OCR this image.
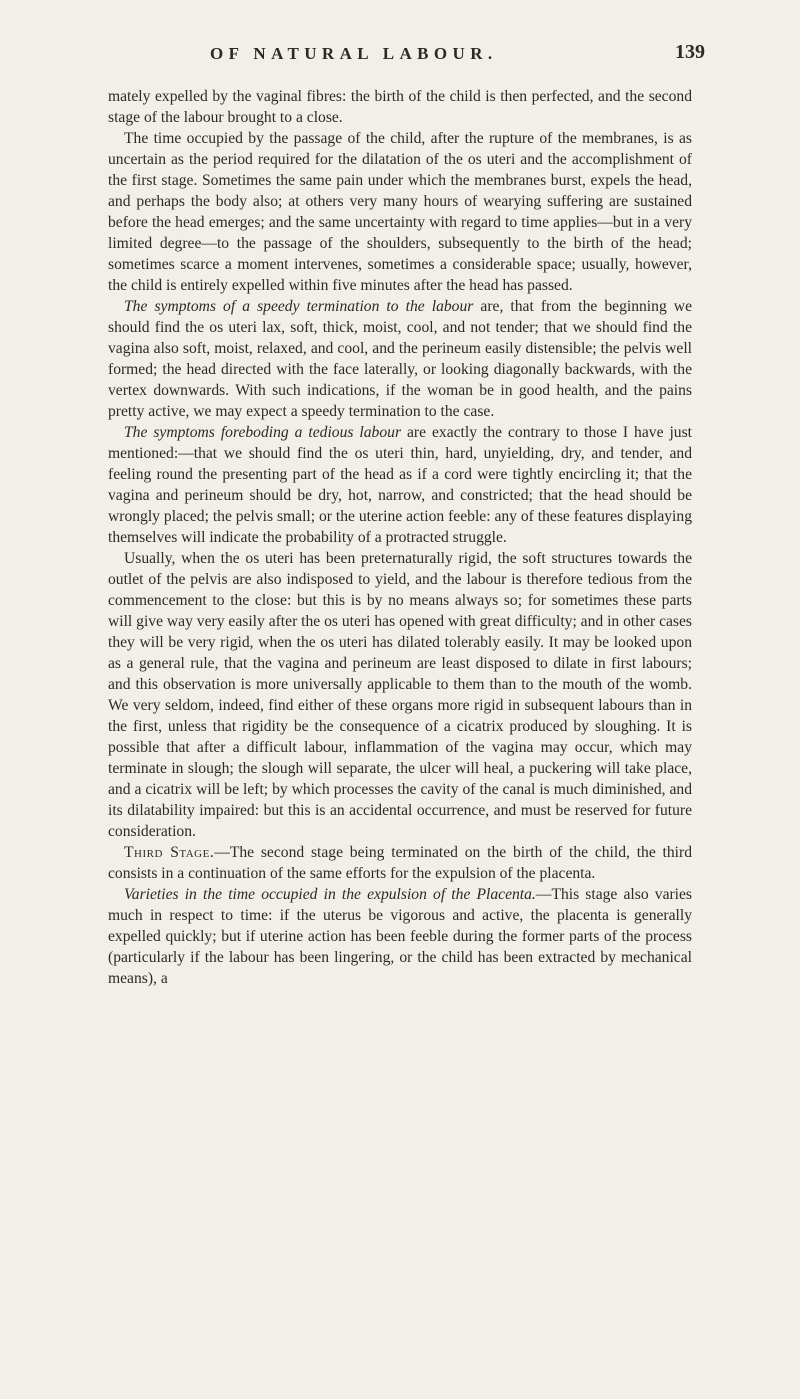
OF NATURAL LABOUR.	139

mately expelled by the vaginal fibres: the birth of the child is then perfected, and the second stage of the labour brought to a close.

The time occupied by the passage of the child, after the rupture of the membranes, is as uncertain as the period required for the dilatation of the os uteri and the accomplishment of the first stage. Sometimes the same pain under which the membranes burst, expels the head, and perhaps the body also; at others very many hours of wearying suffering are sustained before the head emerges; and the same uncertainty with regard to time applies—but in a very limited degree—to the passage of the shoulders, subsequently to the birth of the head; sometimes scarce a moment intervenes, sometimes a considerable space; usually, however, the child is entirely expelled within five minutes after the head has passed.

The symptoms of a speedy termination to the labour are, that from the beginning we should find the os uteri lax, soft, thick, moist, cool, and not tender; that we should find the vagina also soft, moist, relaxed, and cool, and the perineum easily distensible; the pelvis well formed; the head directed with the face laterally, or looking diagonally backwards, with the vertex downwards. With such indications, if the woman be in good health, and the pains pretty active, we may expect a speedy termination to the case.

The symptoms foreboding a tedious labour are exactly the contrary to those I have just mentioned:—that we should find the os uteri thin, hard, unyielding, dry, and tender, and feeling round the presenting part of the head as if a cord were tightly encircling it; that the vagina and perineum should be dry, hot, narrow, and constricted; that the head should be wrongly placed; the pelvis small; or the uterine action feeble: any of these features displaying themselves will indicate the probability of a protracted struggle.

Usually, when the os uteri has been preternaturally rigid, the soft structures towards the outlet of the pelvis are also indisposed to yield, and the labour is therefore tedious from the commencement to the close: but this is by no means always so; for sometimes these parts will give way very easily after the os uteri has opened with great difficulty; and in other cases they will be very rigid, when the os uteri has dilated tolerably easily. It may be looked upon as a general rule, that the vagina and perineum are least disposed to dilate in first labours; and this observation is more universally applicable to them than to the mouth of the womb. We very seldom, indeed, find either of these organs more rigid in subsequent labours than in the first, unless that rigidity be the consequence of a cicatrix produced by sloughing. It is possible that after a difficult labour, inflammation of the vagina may occur, which may terminate in slough; the slough will separate, the ulcer will heal, a puckering will take place, and a cicatrix will be left; by which processes the cavity of the canal is much diminished, and its dilatability impaired: but this is an accidental occurrence, and must be reserved for future consideration.

Third Stage.—The second stage being terminated on the birth of the child, the third consists in a continuation of the same efforts for the expulsion of the placenta.

Varieties in the time occupied in the expulsion of the Placenta.—This stage also varies much in respect to time: if the uterus be vigorous and active, the placenta is generally expelled quickly; but if uterine action has been feeble during the former parts of the process (particularly if the labour has been lingering, or the child has been extracted by mechanical means), a
